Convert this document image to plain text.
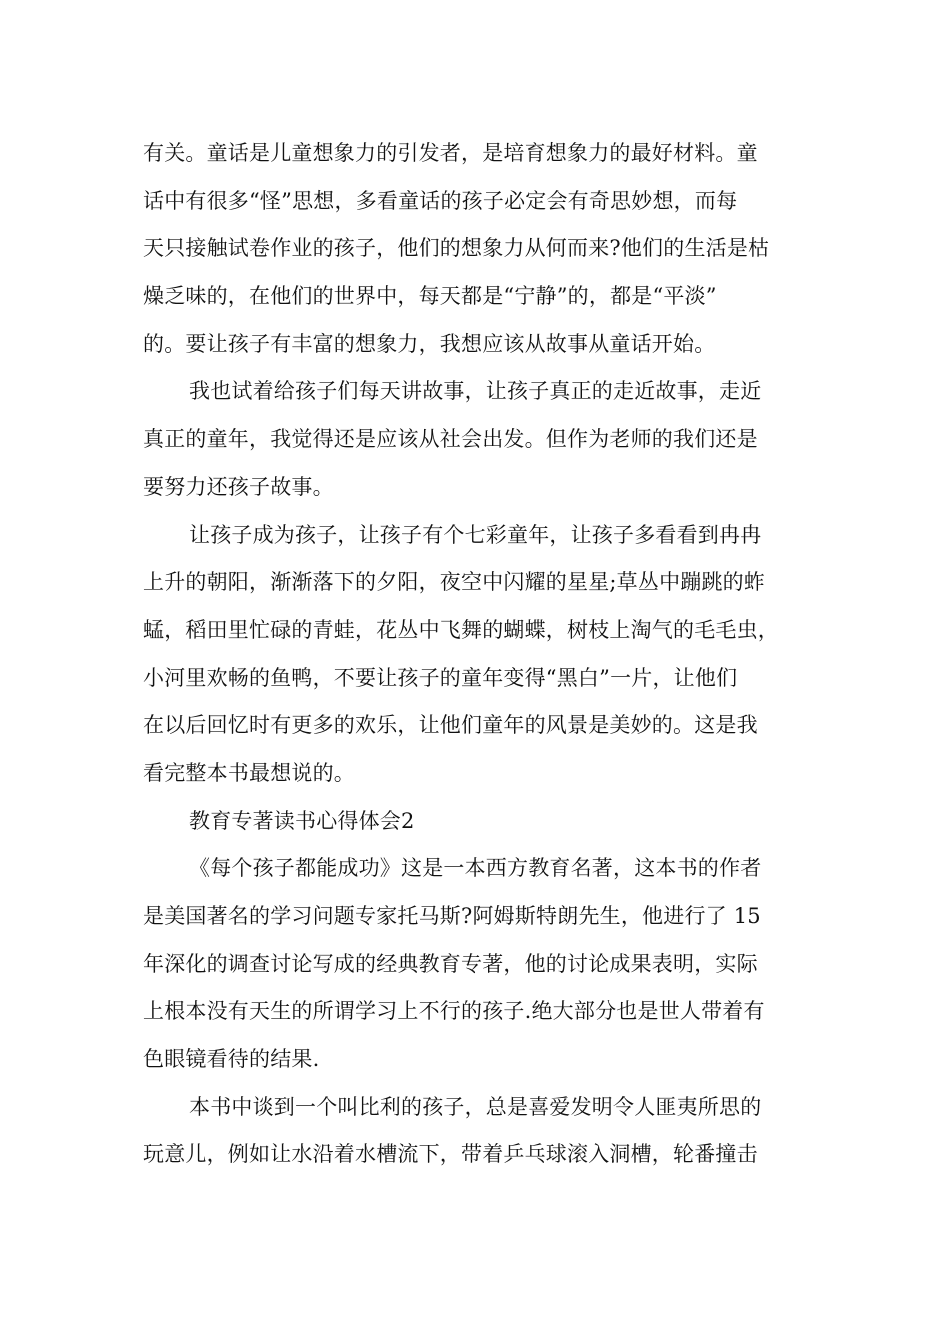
有关。童话是儿童想象力的引发者，是培育想象力的最好材料。童
话中有很多“怪”思想，多看童话的孩子必定会有奇思妙想，而每
天只接触试卷作业的孩子，他们的想象力从何而来?他们的生活是枯
燥乏味的，在他们的世界中，每天都是“宁静”的，都是“平淡”
的。要让孩子有丰富的想象力，我想应该从故事从童话开始。
我也试着给孩子们每天讲故事，让孩子真正的走近故事，走近
真正的童年，我觉得还是应该从社会出发。但作为老师的我们还是
要努力还孩子故事。
让孩子成为孩子，让孩子有个七彩童年，让孩子多看看到冉冉
上升的朝阳，渐渐落下的夕阳，夜空中闪耀的星星;草丛中蹦跳的蚱
蜢，稻田里忙碌的青蛙，花丛中飞舞的蝴蝶，树枝上淘气的毛毛虫，
小河里欢畅的鱼鸭，不要让孩子的童年变得“黑白”一片，让他们
在以后回忆时有更多的欢乐，让他们童年的风景是美妙的。这是我
看完整本书最想说的。
教育专著读书心得体会2
《每个孩子都能成功》这是一本西方教育名著，这本书的作者
是美国著名的学习问题专家托马斯?阿姆斯特朗先生，他进行了 15
年深化的调查讨论写成的经典教育专著，他的讨论成果表明，实际
上根本没有天生的所谓学习上不行的孩子.绝大部分也是世人带着有
色眼镜看待的结果.
本书中谈到一个叫比利的孩子，总是喜爱发明令人匪夷所思的
玩意儿，例如让水沿着水槽流下，带着乒乓球滚入洞槽，轮番撞击
